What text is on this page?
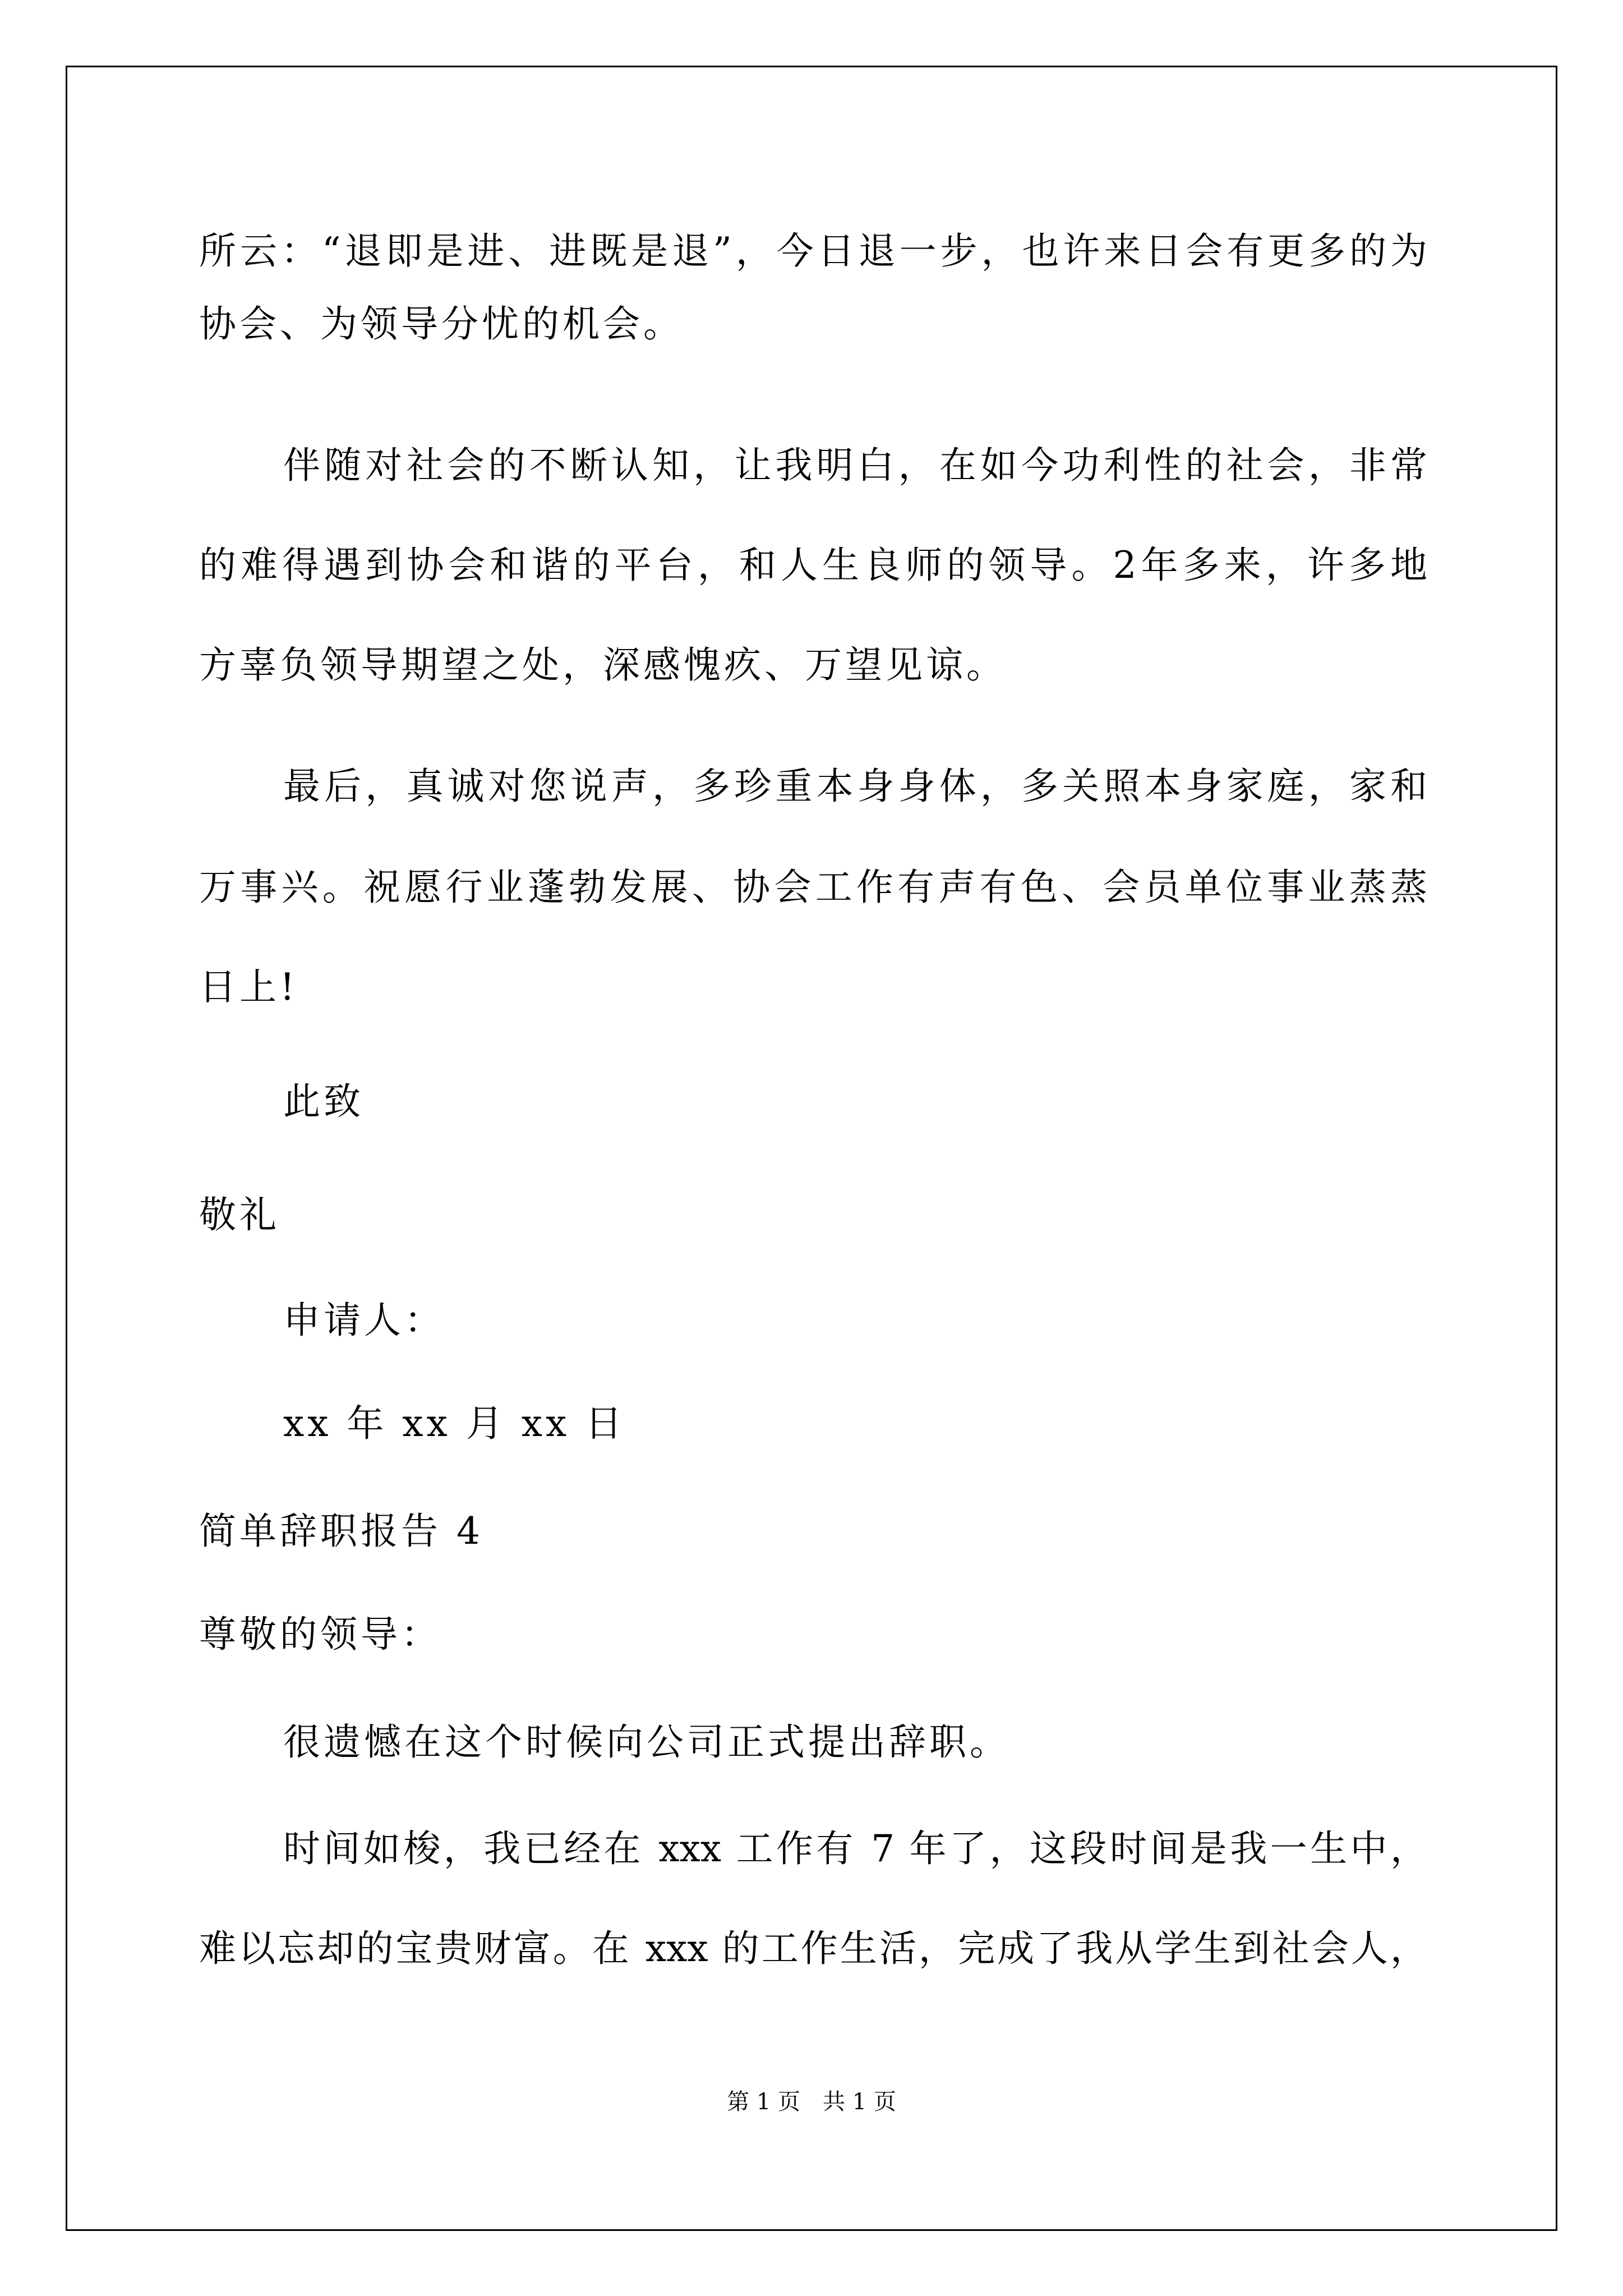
所云：“退即是进、进既是退”，今日退一步，也许来日会有更多的为
协会、为领导分忧的机会。
伴随对社会的不断认知，让我明白，在如今功利性的社会，非常
的难得遇到协会和谐的平台，和人生良师的领导。2年多来，许多地
方辜负领导期望之处，深感愧疚、万望见谅。
最后，真诚对您说声，多珍重本身身体，多关照本身家庭，家和
万事兴。祝愿行业蓬勃发展、协会工作有声有色、会员单位事业蒸蒸
日上!
此致
敬礼
申请人：
xx 年 xx 月 xx 日
简单辞职报告 4
尊敬的领导：
很遗憾在这个时候向公司正式提出辞职。
时间如梭，我已经在 xxx 工作有 7 年了，这段时间是我一生中，
难以忘却的宝贵财富。在 xxx 的工作生活，完成了我从学生到社会人，
第 1 页　共 1 页
